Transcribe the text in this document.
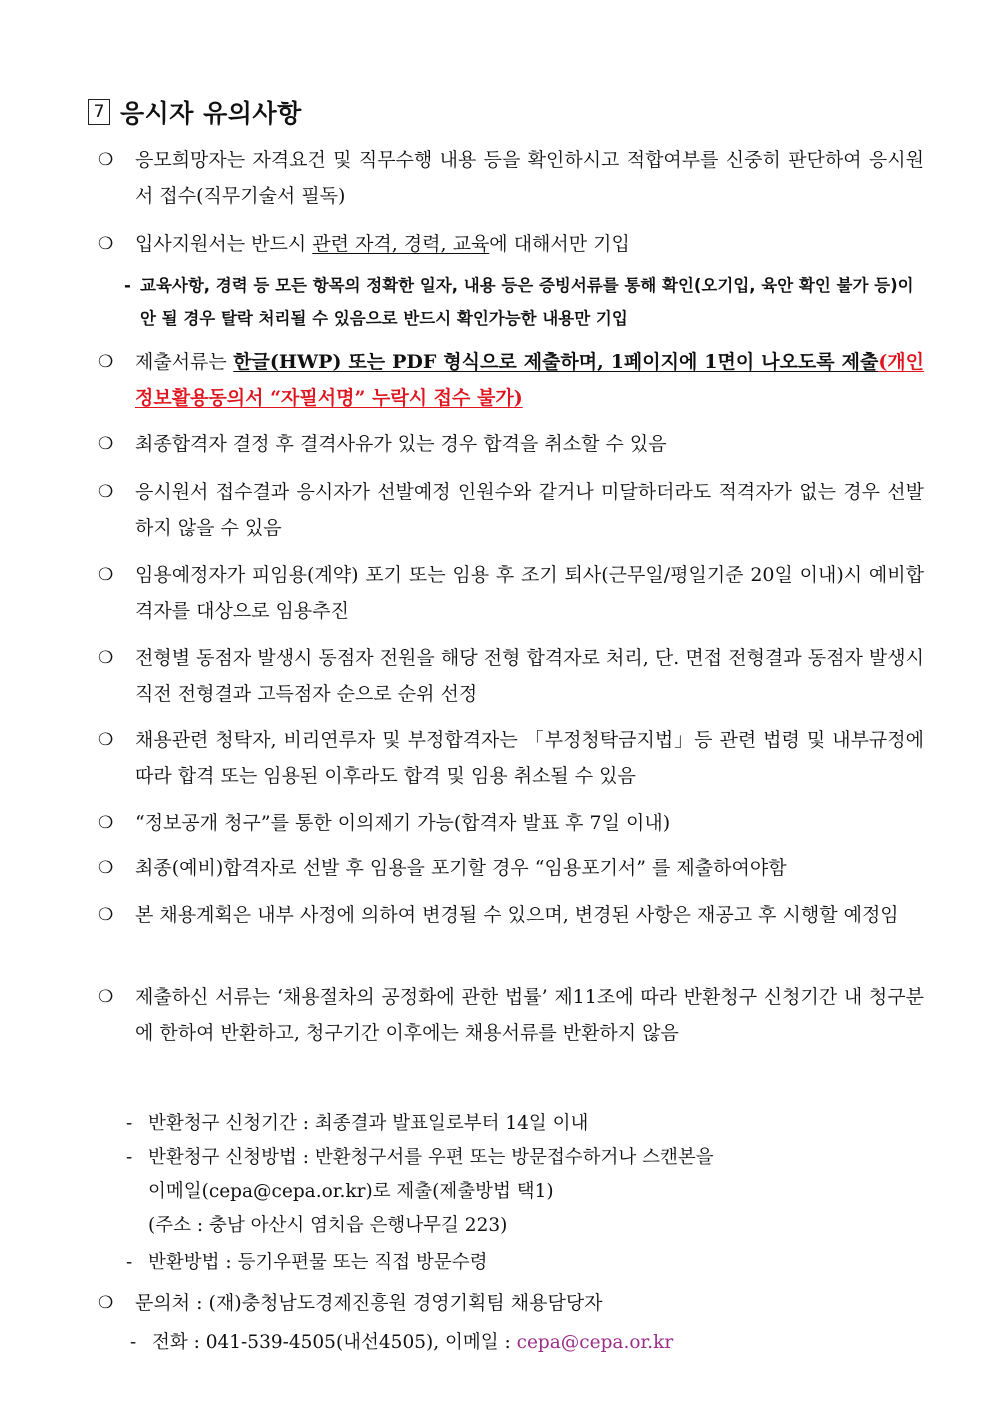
7 응시자 유의사항
❍ 응모희망자는 자격요건 및 직무수행 내용 등을 확인하시고 적합여부를 신중히 판단하여 응시원서 접수(직무기술서 필독)
❍ 입사지원서는 반드시 관련 자격, 경력, 교육에 대해서만 기입
- 교육사항, 경력 등 모든 항목의 정확한 일자, 내용 등은 증빙서류를 통해 확인(오기입, 육안 확인 불가 등)이 안 될 경우 탈락 처리될 수 있음으로 반드시 확인가능한 내용만 기입
❍ 제출서류는 한글(HWP) 또는 PDF 형식으로 제출하며, 1페이지에 1면이 나오도록 제출(개인정보활용동의서 “자필서명” 누락시 접수 불가)
❍ 최종합격자 결정 후 결격사유가 있는 경우 합격을 취소할 수 있음
❍ 응시원서 접수결과 응시자가 선발예정 인원수와 같거나 미달하더라도 적격자가 없는 경우 선발하지 않을 수 있음
❍ 임용예정자가 피임용(계약) 포기 또는 임용 후 조기 퇴사(근무일/평일기준 20일 이내)시 예비합격자를 대상으로 임용추진
❍ 전형별 동점자 발생시 동점자 전원을 해당 전형 합격자로 처리, 단. 면접 전형결과 동점자 발생시 직전 전형결과 고득점자 순으로 순위 선정
❍ 채용관련 청탁자, 비리연루자 및 부정합격자는 「부정청탁금지법」등 관련 법령 및 내부규정에 따라 합격 또는 임용된 이후라도 합격 및 임용 취소될 수 있음
❍ “정보공개 청구”를 통한 이의제기 가능(합격자 발표 후 7일 이내)
❍ 최종(예비)합격자로 선발 후 임용을 포기할 경우 “임용포기서” 를 제출하여야함
❍ 본 채용계획은 내부 사정에 의하여 변경될 수 있으며, 변경된 사항은 재공고 후 시행할 예정임
❍ 제출하신 서류는 ‘채용절차의 공정화에 관한 법률’ 제11조에 따라 반환청구 신청기간 내 청구분에 한하여 반환하고, 청구기간 이후에는 채용서류를 반환하지 않음
- 반환청구 신청기간 : 최종결과 발표일로부터 14일 이내
- 반환청구 신청방법 : 반환청구서를 우편 또는 방문접수하거나 스캔본을
이메일(cepa@cepa.or.kr)로 제출(제출방법 택1)
(주소 : 충남 아산시 염치읍 은행나무길 223)
- 반환방법 : 등기우편물 또는 직접 방문수령
❍ 문의처 : (재)충청남도경제진흥원 경영기획팀 채용담당자
- 전화 : 041-539-4505(내선4505), 이메일 : cepa@cepa.or.kr
